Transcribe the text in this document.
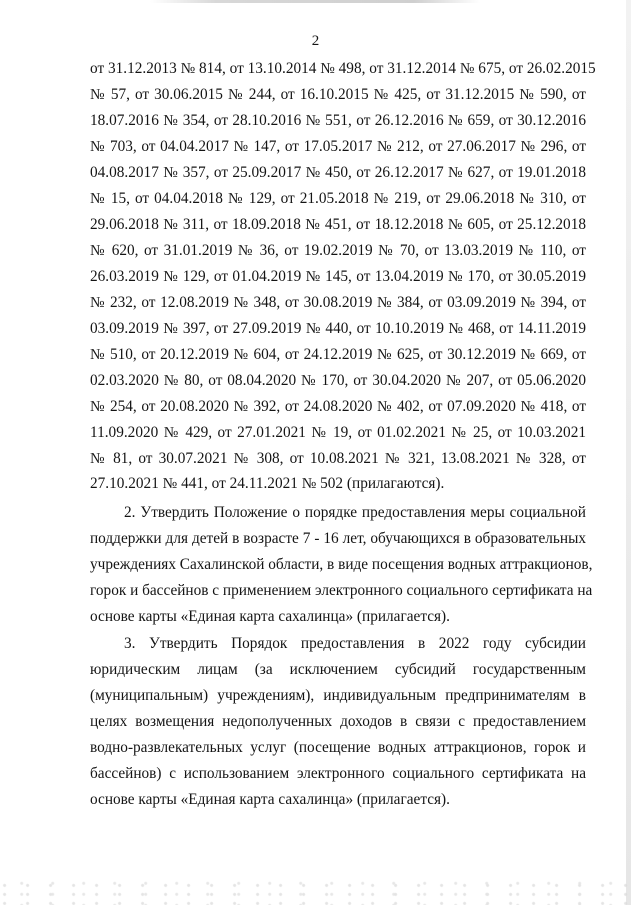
2
от 31.12.2013 № 814, от 13.10.2014 № 498, от 31.12.2014 № 675, от 26.02.2015
№ 57, от 30.06.2015 № 244, от 16.10.2015 № 425, от 31.12.2015 № 590, от
18.07.2016 № 354, от 28.10.2016 № 551, от 26.12.2016 № 659, от 30.12.2016
№ 703, от 04.04.2017 № 147, от 17.05.2017 № 212, от 27.06.2017 № 296, от
04.08.2017 № 357, от 25.09.2017 № 450, от 26.12.2017 № 627, от 19.01.2018
№ 15, от 04.04.2018 № 129, от 21.05.2018 № 219, от 29.06.2018 № 310, от
29.06.2018 № 311, от 18.09.2018 № 451, от 18.12.2018 № 605, от 25.12.2018
№ 620, от 31.01.2019 № 36, от 19.02.2019 № 70, от 13.03.2019 № 110, от
26.03.2019 № 129, от 01.04.2019 № 145, от 13.04.2019 № 170, от 30.05.2019
№ 232, от 12.08.2019 № 348, от 30.08.2019 № 384, от 03.09.2019 № 394, от
03.09.2019 № 397, от 27.09.2019 № 440, от 10.10.2019 № 468, от 14.11.2019
№ 510, от 20.12.2019 № 604, от 24.12.2019 № 625, от 30.12.2019 № 669, от
02.03.2020 № 80, от 08.04.2020 № 170, от 30.04.2020 № 207, от 05.06.2020
№ 254, от 20.08.2020 № 392, от 24.08.2020 № 402, от 07.09.2020 № 418, от
11.09.2020 № 429, от 27.01.2021 № 19, от 01.02.2021 № 25, от 10.03.2021
№ 81, от 30.07.2021 № 308, от 10.08.2021 № 321, 13.08.2021 № 328, от
27.10.2021 № 441, от 24.11.2021 № 502 (прилагаются).
2. Утвердить Положение о порядке предоставления меры социальной
поддержки для детей в возрасте 7 - 16 лет, обучающихся в образовательных
учреждениях Сахалинской области, в виде посещения водных аттракционов,
горок и бассейнов с применением электронного социального сертификата на
основе карты «Единая карта сахалинца» (прилагается).
3. Утвердить Порядок предоставления в 2022 году субсидии
юридическим лицам (за исключением субсидий государственным
(муниципальным) учреждениям), индивидуальным предпринимателям в
целях возмещения недополученных доходов в связи с предоставлением
водно-развлекательных услуг (посещение водных аттракционов, горок и
бассейнов) с использованием электронного социального сертификата на
основе карты «Единая карта сахалинца» (прилагается).
